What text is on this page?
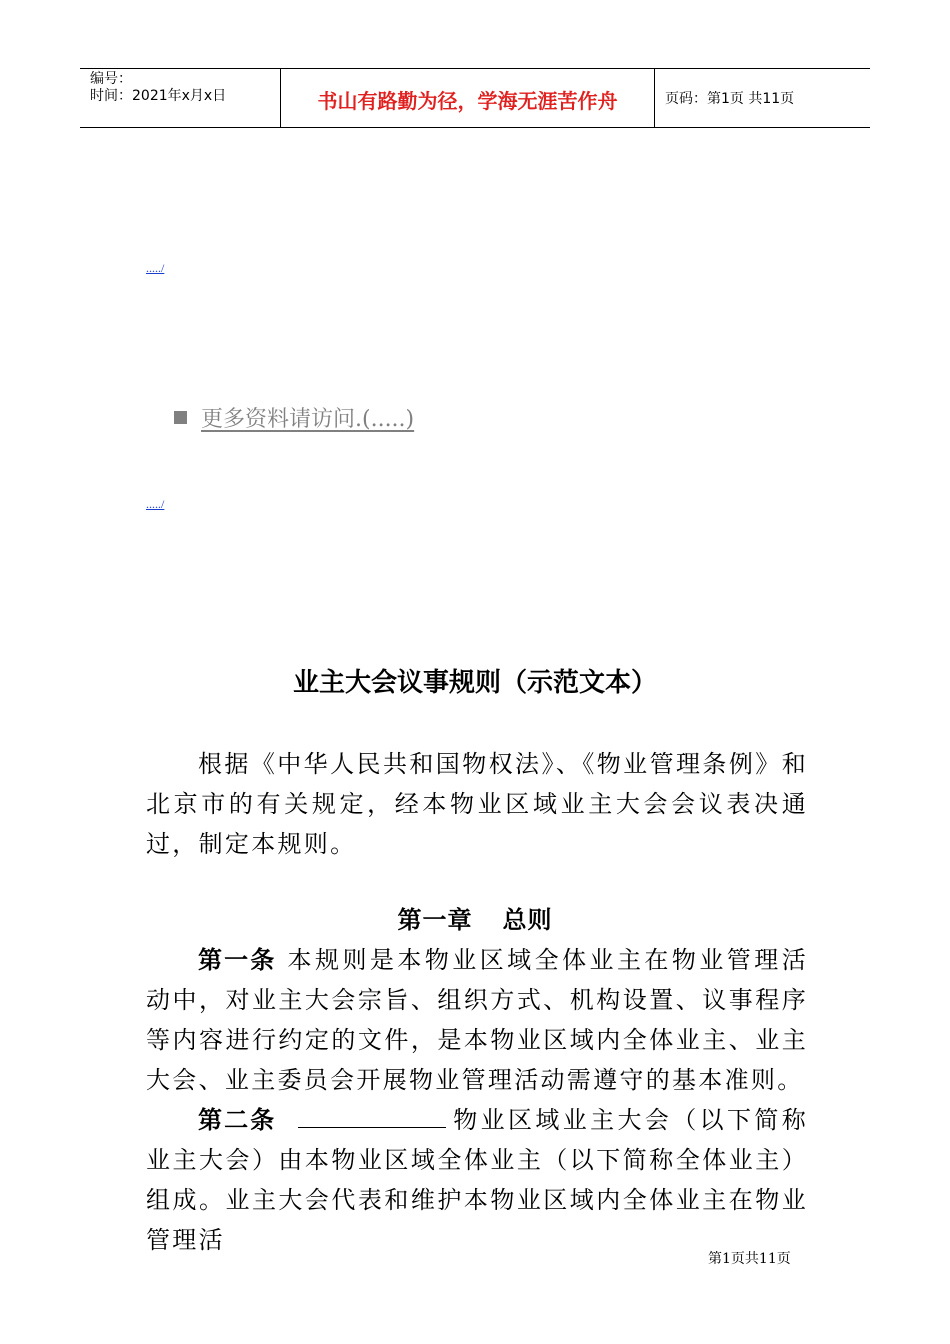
编号：
时间：2021年x月x日	书山有路勤为径，学海无涯苦作舟	页码：第1页 共11页
...../
更多资料请访问.(.....)
...../
业主大会议事规则（示范文本）
根据《中华人民共和国物权法》、《物业管理条例》和北京市的有关规定，经本物业区域业主大会会议表决通过，制定本规则。
第一章 总则
第一条 本规则是本物业区域全体业主在物业管理活动中，对业主大会宗旨、组织方式、机构设置、议事程序等内容进行约定的文件，是本物业区域内全体业主、业主大会、业主委员会开展物业管理活动需遵守的基本准则。
第二条	物业区域业主大会（以下简称业主大会）由本物业区域全体业主（以下简称全体业主）组成。业主大会代表和维护本物业区域内全体业主在物业管理活
第1页共11页
